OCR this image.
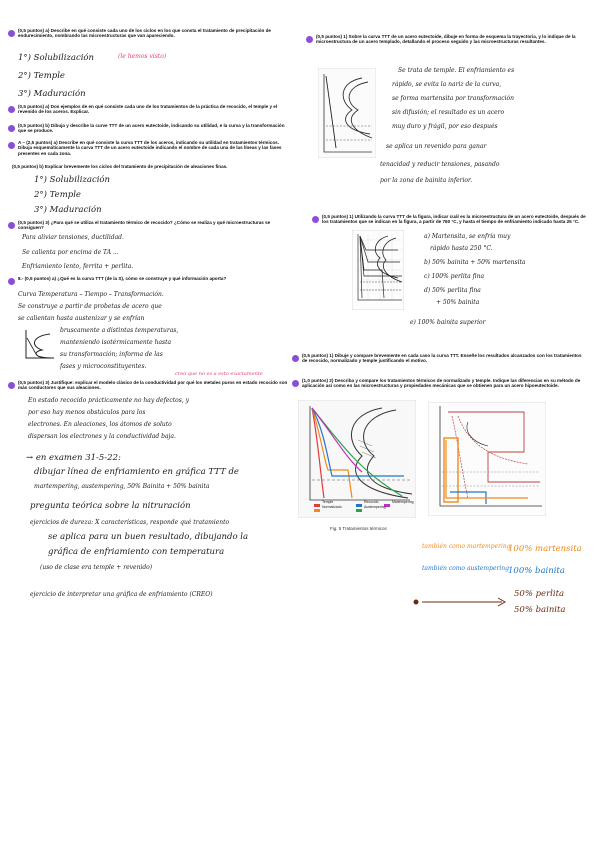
(0,5 puntos) a) Describe en qué consiste cada uno de los ciclos en los que consta el tratamiento de precipitación de endurecimiento, nombrando las microestructuras que van apareciendo.
1°) Solubilización
2°) Temple
3°) Maduración
(le hemos visto)
(0,5 puntos) a) Dos ejemplos de en qué consiste cada uno de los tratamientos de la práctica de recocido, el temple y el revenido de los aceros. Explicar.
(0,5 puntos) b) Dibuja y describe la curve TTT de un acero eutectoide, indicando su utilidad, e la curva y la transformación que se produce.
A – (2,5 puntos) a) Describe en qué consiste la curva TTT de los aceros, indicando su utilidad en tratamientos térmicos. Dibuja esquemáticamente la curva TTT de un acero eutectoide indicando el nombre de cada una de las líneas y las fases presentes en cada zona.
(0,5 puntos) b) Explicar brevemente los ciclos del tratamiento de precipitación de aleaciones finas.
1°) Solubilización
2°) Temple
3°) Maduración
(0,5 puntos) 3) ¿Para qué se utiliza el tratamiento térmico de recocido? ¿Cómo se realiza y qué microestructuras se consiguen?
Para aliviar tensiones, ductilidad.
Se calienta por encima de TA ...
Enfriamiento lento, ferrita + perlita.
8.- (0,5 puntos) a) ¿Qué es la curva TTT (de la S), cómo se construye y qué información aporta?
Curva Temperatura – Tiempo – Transformación.
Se construye a partir de probetas de acero que
se calientan hasta austenizar y se enfrían
bruscamente a distintas temperaturas,
manteniendo isotérmicamente hasta
su transformación; informa de las
fases y microconstituyentes.
creo que no es a esto exactamente
(0,5 puntos) 3) Justifique: explicar el modelo clásico de la conductividad por qué los metales puros en estado recocido son más conductores que sus aleaciones.
En estado recocido prácticamente no hay defectos, y
por eso hay menos obstáculos para los
electrones. En aleaciones, los átomos de soluto
dispersan los electrones y la conductividad baja.
→ en examen 31-5-22:
dibujar línea de enfriamiento en gráfica TTT de
martempering, austempering, 50% Bainita + 50% bainita
pregunta teórica sobre la nitruración
ejercicios de dureza: X características, responde qué tratamiento
se aplica para un buen resultado, dibujando la
gráfica de enfriamiento con temperatura
(uso de clase era temple + revenido)
ejercicio de interpretar una gráfica de enfriamiento (CREO)
(0,5 puntos) 1) Sobre la curva TTT de un acero eutectoide, dibuje en forma de esquema la trayectoria, y lo indique de la microestructura de un acero templado, detallando el proceso seguido y las microestructuras resultantes.
Se trata de temple. El enfriamiento es
rápido, se evita la nariz de la curva,
se forma martensita por transformación
sin difusión; el resultado es un acero
muy duro y frágil, por eso después
se aplica un revenido para ganar
tenacidad y reducir tensiones, pasando
por la zona de bainita inferior.
(0,5 puntos) 1) Utilizando la curva TTT de la figura, indicar cuál es la microestructura de un acero eutectoide, después de los tratamientos que se indican en la figura, a partir de 760 °C, y hasta el tiempo de enfriamiento indicado hasta 25 °C.
a) Martensita, se enfría muy
rápido hasta 250 °C.
b) 50% bainita + 50% martensita
c) 100% perlita fina
d) 50% perlita fina
+ 50% bainita
e) 100% bainita superior
(0,5 puntos) 1) Dibuje y compare brevemente en cada caso la curva TTT. Enseñe los resultados alcanzados con los tratamientos de recocido, normalizado y temple justificando el motivo.
(1,0 puntos) 2) Describa y compare los tratamientos térmicos de normalizado y temple. Indique las diferencias en su método de aplicación así como en las microestructuras y propiedades mecánicas que se obtienen para un acero hipoeutectoide.
Temple
Normalizado
Recocido
Austempering
Martempering
Fig. 5 Tratamientos térmicos
también como martempering
100% martensita
también como austempering 100% bainita
50% perlita
50% bainita
